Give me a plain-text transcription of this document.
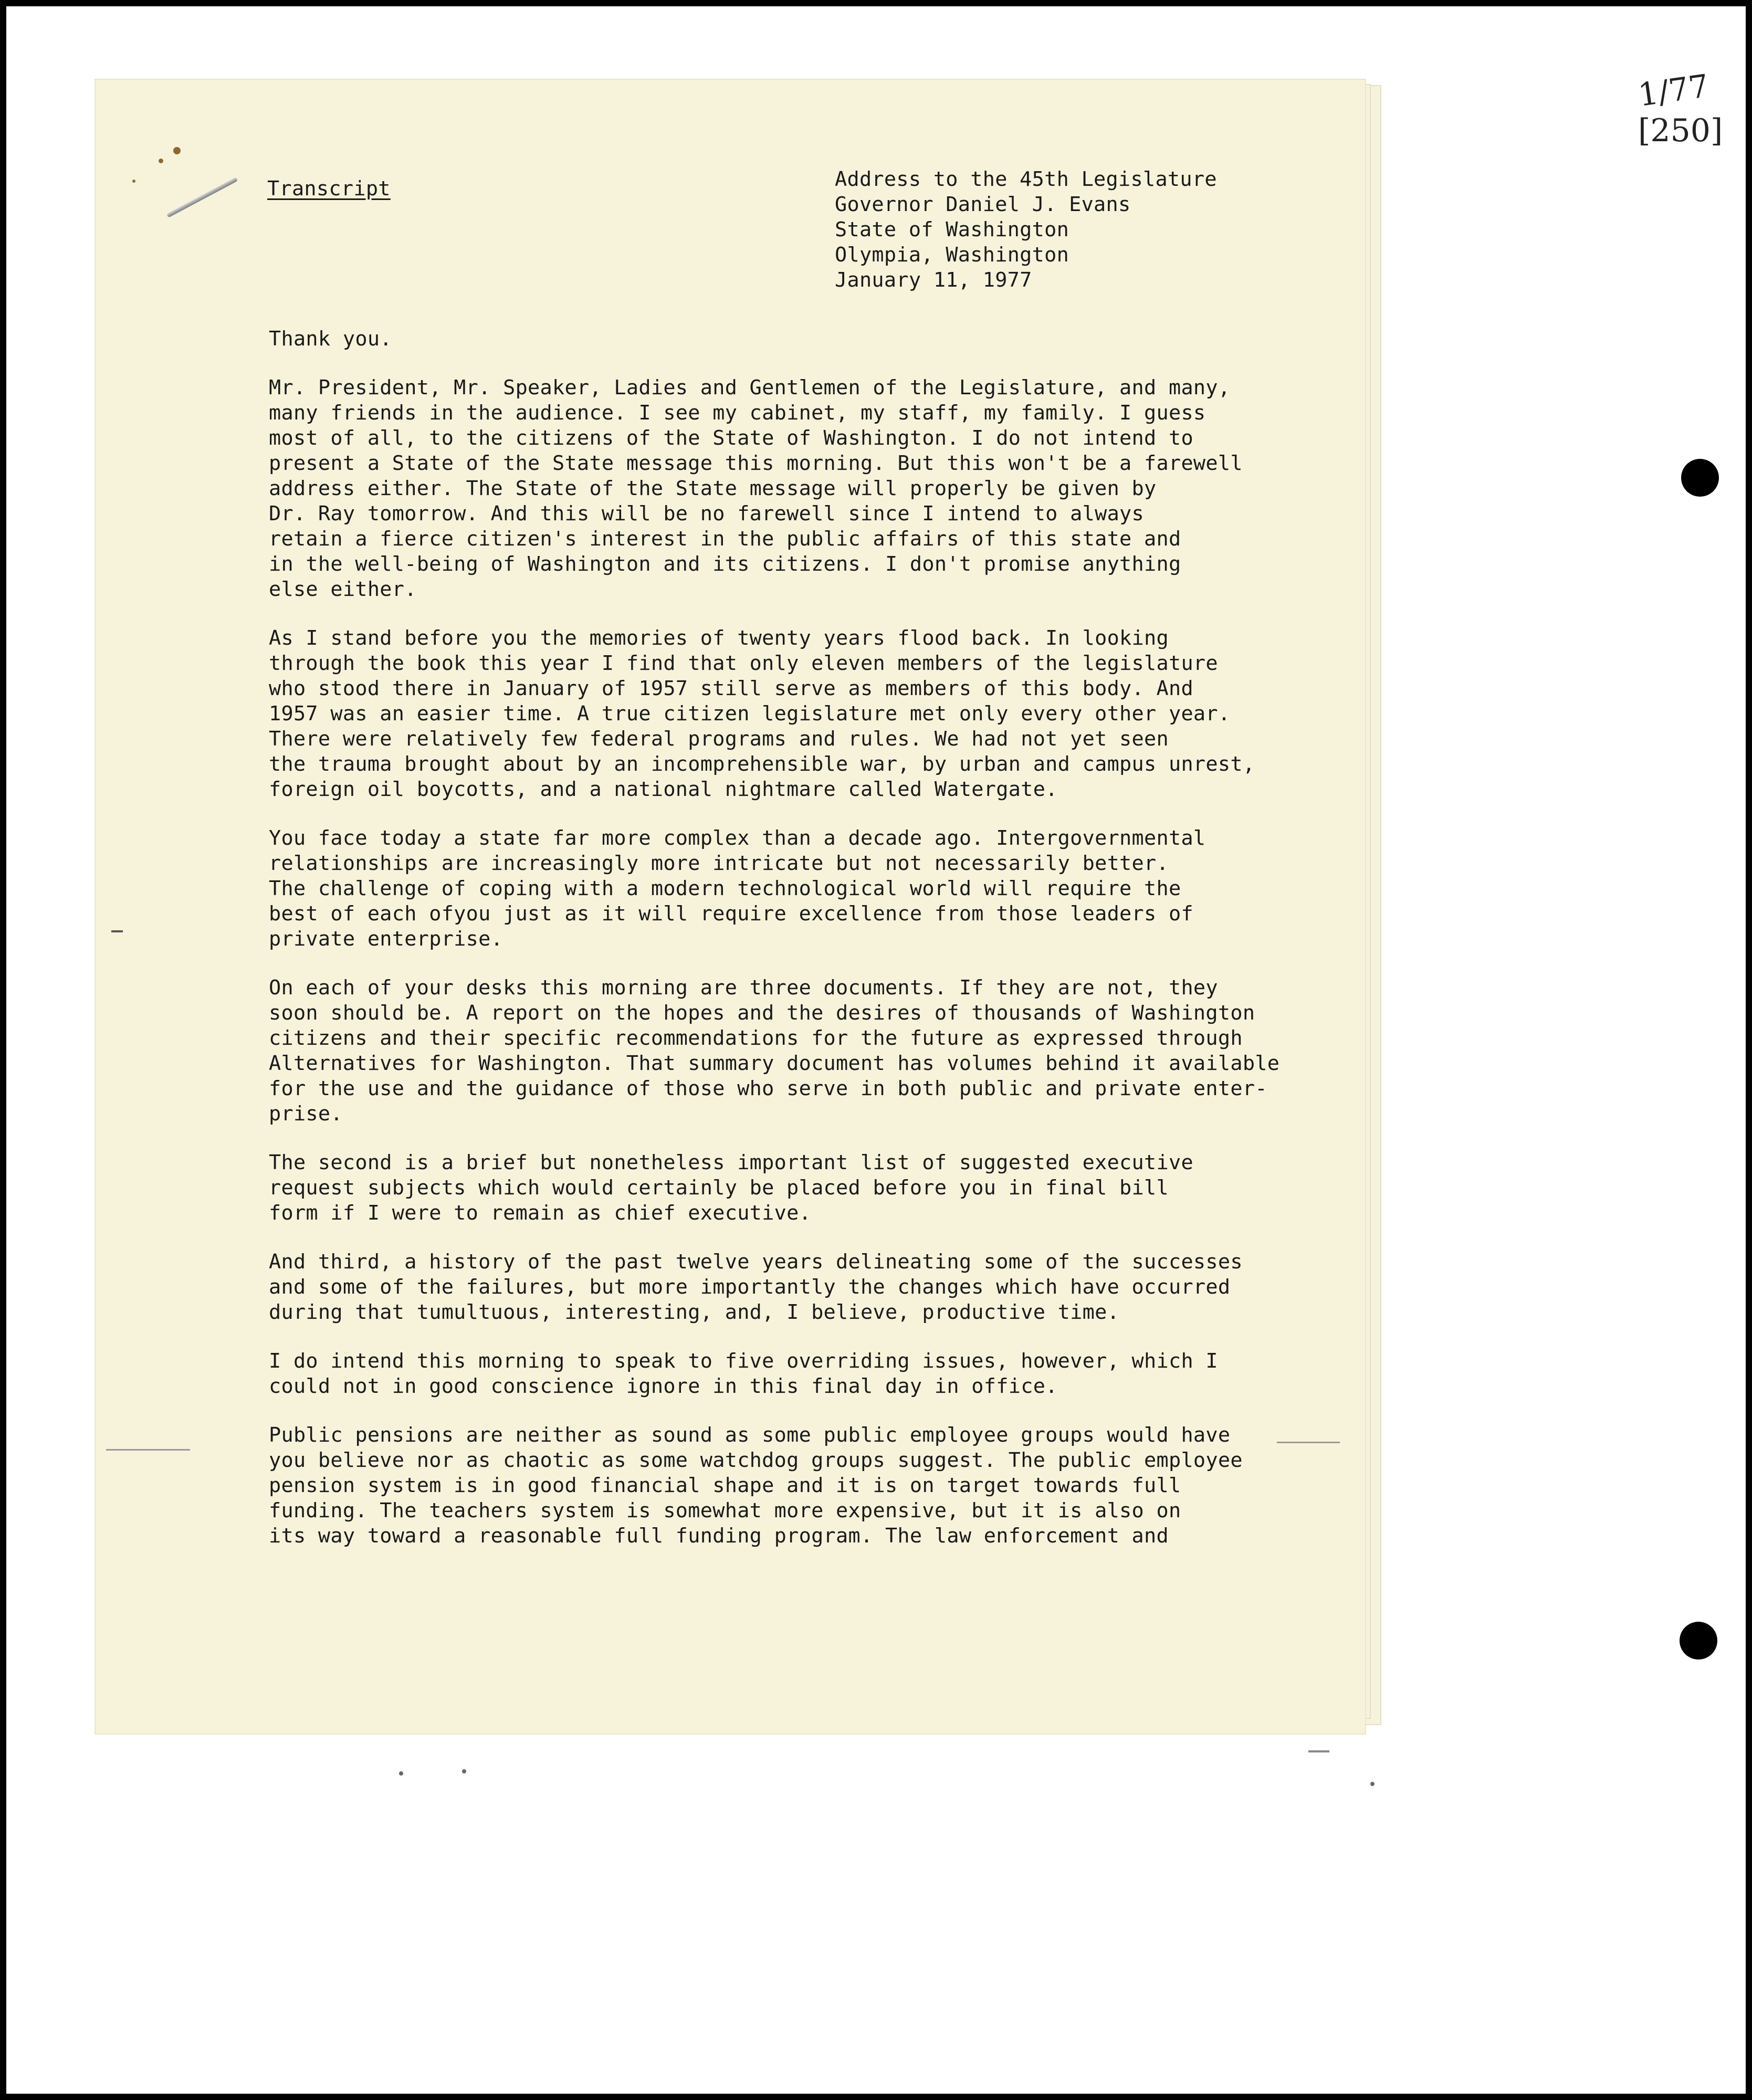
Transcript	Address to the 45th Legislature
Governor Daniel J. Evans
State of Washington
Olympia, Washington
January 11, 1977
Thank you.
Mr. President, Mr. Speaker, Ladies and Gentlemen of the Legislature, and many,
many friends in the audience. I see my cabinet, my staff, my family. I guess
most of all, to the citizens of the State of Washington. I do not intend to
present a State of the State message this morning. But this won't be a farewell
address either. The State of the State message will properly be given by
Dr. Ray tomorrow. And this will be no farewell since I intend to always
retain a fierce citizen's interest in the public affairs of this state and
in the well-being of Washington and its citizens. I don't promise anything
else either.
As I stand before you the memories of twenty years flood back. In looking
through the book this year I find that only eleven members of the legislature
who stood there in January of 1957 still serve as members of this body. And
1957 was an easier time. A true citizen legislature met only every other year.
There were relatively few federal programs and rules. We had not yet seen
the trauma brought about by an incomprehensible war, by urban and campus unrest,
foreign oil boycotts, and a national nightmare called Watergate.
You face today a state far more complex than a decade ago. Intergovernmental
relationships are increasingly more intricate but not necessarily better.
The challenge of coping with a modern technological world will require the
best of each ofyou just as it will require excellence from those leaders of
private enterprise.
On each of your desks this morning are three documents. If they are not, they
soon should be. A report on the hopes and the desires of thousands of Washington
citizens and their specific recommendations for the future as expressed through
Alternatives for Washington. That summary document has volumes behind it available
for the use and the guidance of those who serve in both public and private enter-
prise.
The second is a brief but nonetheless important list of suggested executive
request subjects which would certainly be placed before you in final bill
form if I were to remain as chief executive.
And third, a history of the past twelve years delineating some of the successes
and some of the failures, but more importantly the changes which have occurred
during that tumultuous, interesting, and, I believe, productive time.
I do intend this morning to speak to five overriding issues, however, which I
could not in good conscience ignore in this final day in office.
Public pensions are neither as sound as some public employee groups would have
you believe nor as chaotic as some watchdog groups suggest. The public employee
pension system is in good financial shape and it is on target towards full
funding. The teachers system is somewhat more expensive, but it is also on
its way toward a reasonable full funding program. The law enforcement and
1/77
[250]
